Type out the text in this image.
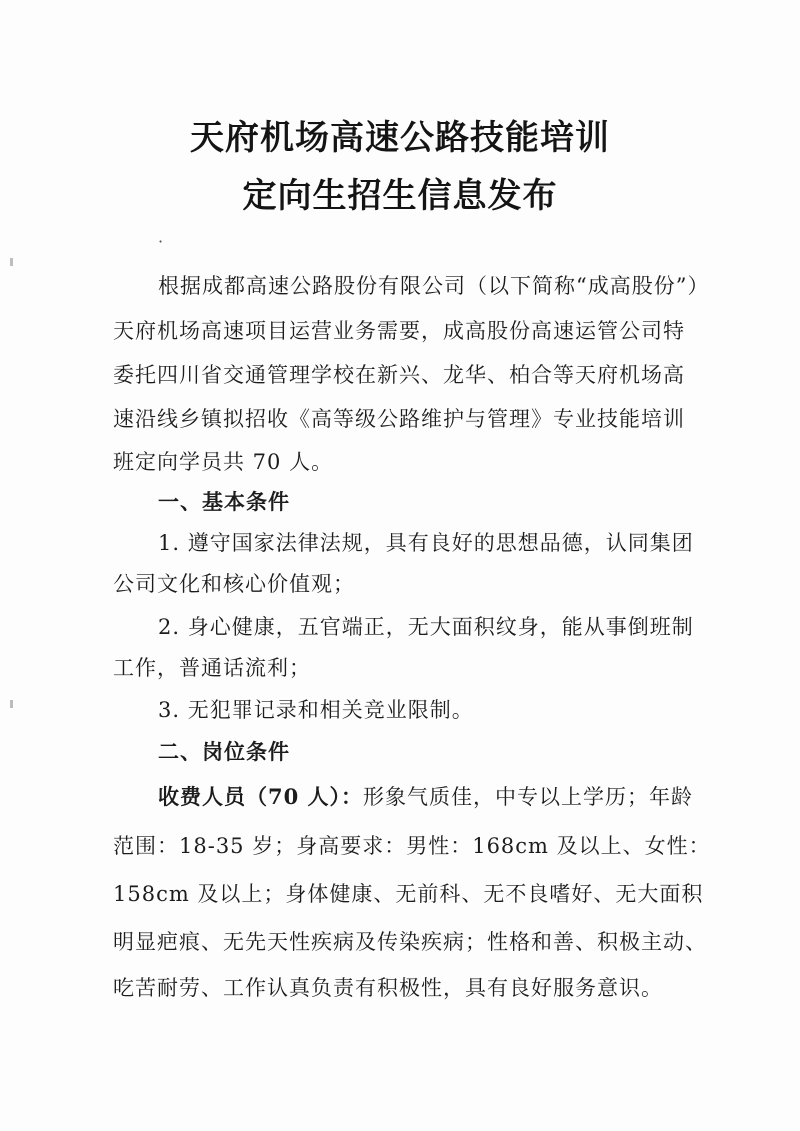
天府机场高速公路技能培训
定向生招生信息发布
·
根据成都高速公路股份有限公司（以下简称“成高股份”）
天府机场高速项目运营业务需要，成高股份高速运管公司特
委托四川省交通管理学校在新兴、龙华、柏合等天府机场高
速沿线乡镇拟招收《高等级公路维护与管理》专业技能培训
班定向学员共 70 人。
一、基本条件
1. 遵守国家法律法规，具有良好的思想品德，认同集团
公司文化和核心价值观；
2. 身心健康，五官端正，无大面积纹身，能从事倒班制
工作，普通话流利；
3. 无犯罪记录和相关竞业限制。
二、岗位条件
收费人员（70 人）：形象气质佳，中专以上学历；年龄
范围：18-35 岁；身高要求：男性：168cm 及以上、女性：
158cm 及以上；身体健康、无前科、无不良嗜好、无大面积
明显疤痕、无先天性疾病及传染疾病；性格和善、积极主动、
吃苦耐劳、工作认真负责有积极性，具有良好服务意识。
